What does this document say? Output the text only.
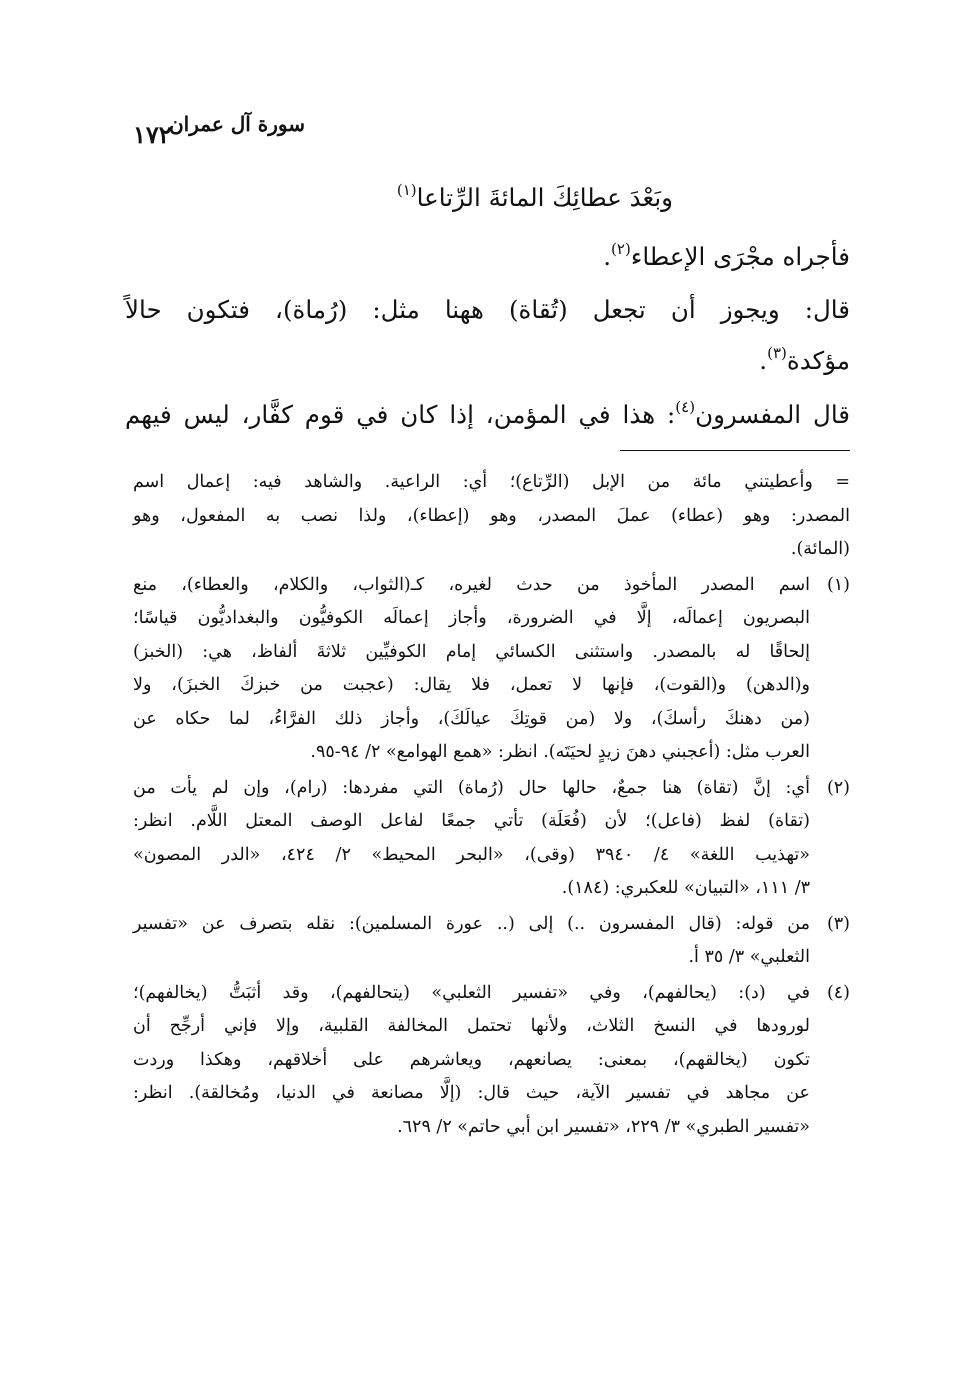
سورة آل عمران
١٧٢
وبَعْدَ عطائِكَ المائةَ الرِّتاعا$^{(١)}$
فأجراه مجْرَى الإعطاء$^{(٢)}$.
قال: ويجوز أن تجعل (تُقاة) ههنا مثل: (رُماة)، فتكون حالاً
مؤكدة$^{(٣)}$.
قال المفسرون$^{(٤)}$: هذا في المؤمن، إذا كان في قوم كفَّار، ليس فيهم
= وأعطيتني مائة من الإبل (الرِّتاع)؛ أي: الراعية. والشاهد فيه: إعمال اسم
المصدر: وهو (عطاء) عملَ المصدر، وهو (إعطاء)، ولذا نصب به المفعول، وهو
(المائة).
(١)
اسم المصدر المأخوذ من حدث لغيره، كـ(الثواب، والكلام، والعطاء)، منع
البصريون إعمالَه، إلَّا في الضرورة، وأجاز إعمالَه الكوفيُّون والبغداديُّون قياسًا؛
إلحاقًا له بالمصدر. واستثنى الكسائي إمام الكوفيِّين ثلاثةَ ألفاظ، هي: (الخبز)
و(الدهن) و(القوت)، فإنها لا تعمل، فلا يقال: (عجبت من خبزكَ الخبزَ)، ولا
(من دهنكَ رأسكَ)، ولا (من قوتِكَ عيالَكَ)، وأجاز ذلك الفرَّاءُ، لما حكاه عن
العرب مثل: (أعجبني دهنَ زيدٍ لحيَتَه). انظر: «همع الهوامع» ٢/ ٩٤-٩٥.
(٢)
أي: إنَّ (تقاة) هنا جمعٌ، حالها حال (رُماة) التي مفردها: (رام)، وإن لم يأت من
(تقاة) لفظ (فاعل)؛ لأن (فُعَلَة) تأتي جمعًا لفاعل الوصف المعتل اللَّام. انظر:
«تهذيب اللغة» ٤/ ٣٩٤٠ (وقى)، «البحر المحيط» ٢/ ٤٢٤، «الدر المصون»
٣/ ١١١، «التبيان» للعكبري: (١٨٤).
(٣)
من قوله: (قال المفسرون ..) إلى (.. عورة المسلمين): نقله بتصرف عن «تفسير
الثعلبي» ٣/ ٣٥ أ.
(٤)
في (د): (يحالفهم)، وفي «تفسير الثعلبي» (يتحالفهم)، وقد أثبَتُّ (يخالفهم)؛
لورودها في النسخ الثلاث، ولأنها تحتمل المخالفة القلبية، وإلا فإني أرجِّح أن
تكون (يخالقهم)، بمعنى: يصانعهم، ويعاشرهم على أخلاقهم، وهكذا وردت
عن مجاهد في تفسير الآية، حيث قال: (إلَّا مصانعة في الدنيا، ومُخالقة). انظر:
«تفسير الطبري» ٣/ ٢٢٩، «تفسير ابن أبي حاتم» ٢/ ٦٢٩.
